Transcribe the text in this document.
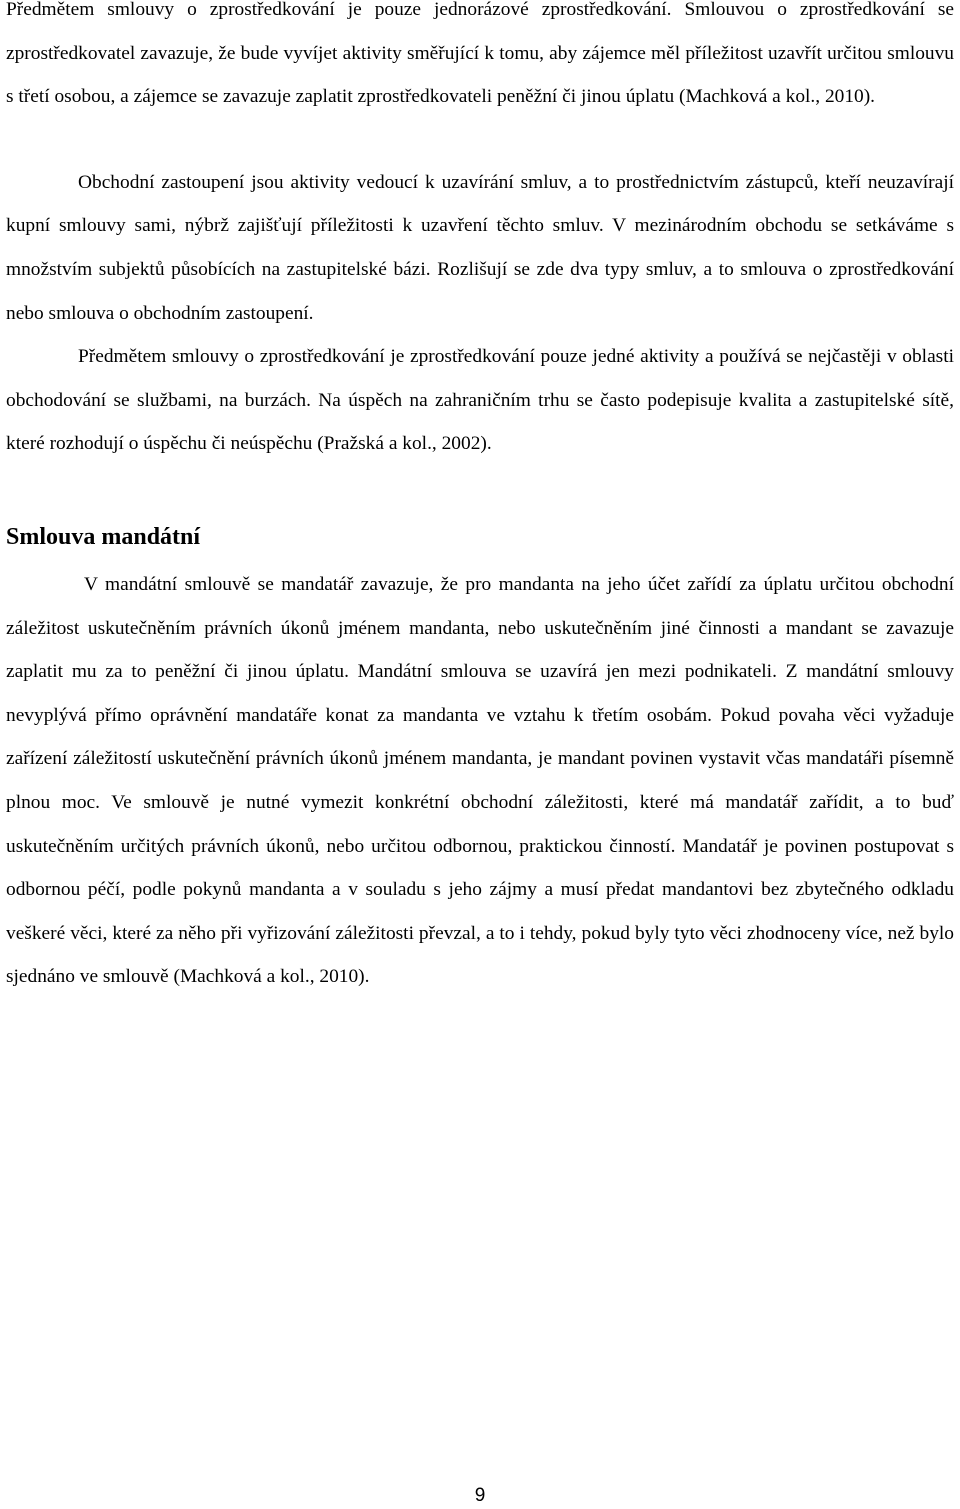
Předmětem smlouvy o zprostředkování je pouze jednorázové zprostředkování. Smlouvou o zprostředkování se zprostředkovatel zavazuje, že bude vyvíjet aktivity směřující k tomu, aby zájemce měl příležitost uzavřít určitou smlouvu s třetí osobou, a zájemce se zavazuje zaplatit zprostředkovateli peněžní či jinou úplatu (Machková a kol., 2010).

Obchodní zastoupení jsou aktivity vedoucí k uzavírání smluv, a to prostřednictvím zástupců, kteří neuzavírají kupní smlouvy sami, nýbrž zajišťují příležitosti k uzavření těchto smluv. V mezinárodním obchodu se setkáváme s množstvím subjektů působících na zastupitelské bázi. Rozlišují se zde dva typy smluv, a to smlouva o zprostředkování nebo smlouva o obchodním zastoupení.

Předmětem smlouvy o zprostředkování je zprostředkování pouze jedné aktivity a používá se nejčastěji v oblasti obchodování se službami, na burzách. Na úspěch na zahraničním trhu se často podepisuje kvalita a zastupitelské sítě, které rozhodují o úspěchu či neúspěchu (Pražská a kol., 2002).

Smlouva mandátní

V mandátní smlouvě se mandatář zavazuje, že pro mandanta na jeho účet zařídí za úplatu určitou obchodní záležitost uskutečněním právních úkonů jménem mandanta, nebo uskutečněním jiné činnosti a mandant se zavazuje zaplatit mu za to peněžní či jinou úplatu. Mandátní smlouva se uzavírá jen mezi podnikateli. Z mandátní smlouvy nevyplývá přímo oprávnění mandatáře konat za mandanta ve vztahu k třetím osobám. Pokud povaha věci vyžaduje zařízení záležitostí uskutečnění právních úkonů jménem mandanta, je mandant povinen vystavit včas mandatáři písemně plnou moc. Ve smlouvě je nutné vymezit konkrétní obchodní záležitosti, které má mandatář zařídit, a to buď uskutečněním určitých právních úkonů, nebo určitou odbornou, praktickou činností. Mandatář je povinen postupovat s odbornou péčí, podle pokynů mandanta a v souladu s jeho zájmy a musí předat mandantovi bez zbytečného odkladu veškeré věci, které za něho při vyřizování záležitosti převzal, a to i tehdy, pokud byly tyto věci zhodnoceny více, než bylo sjednáno ve smlouvě (Machková a kol., 2010).

9
